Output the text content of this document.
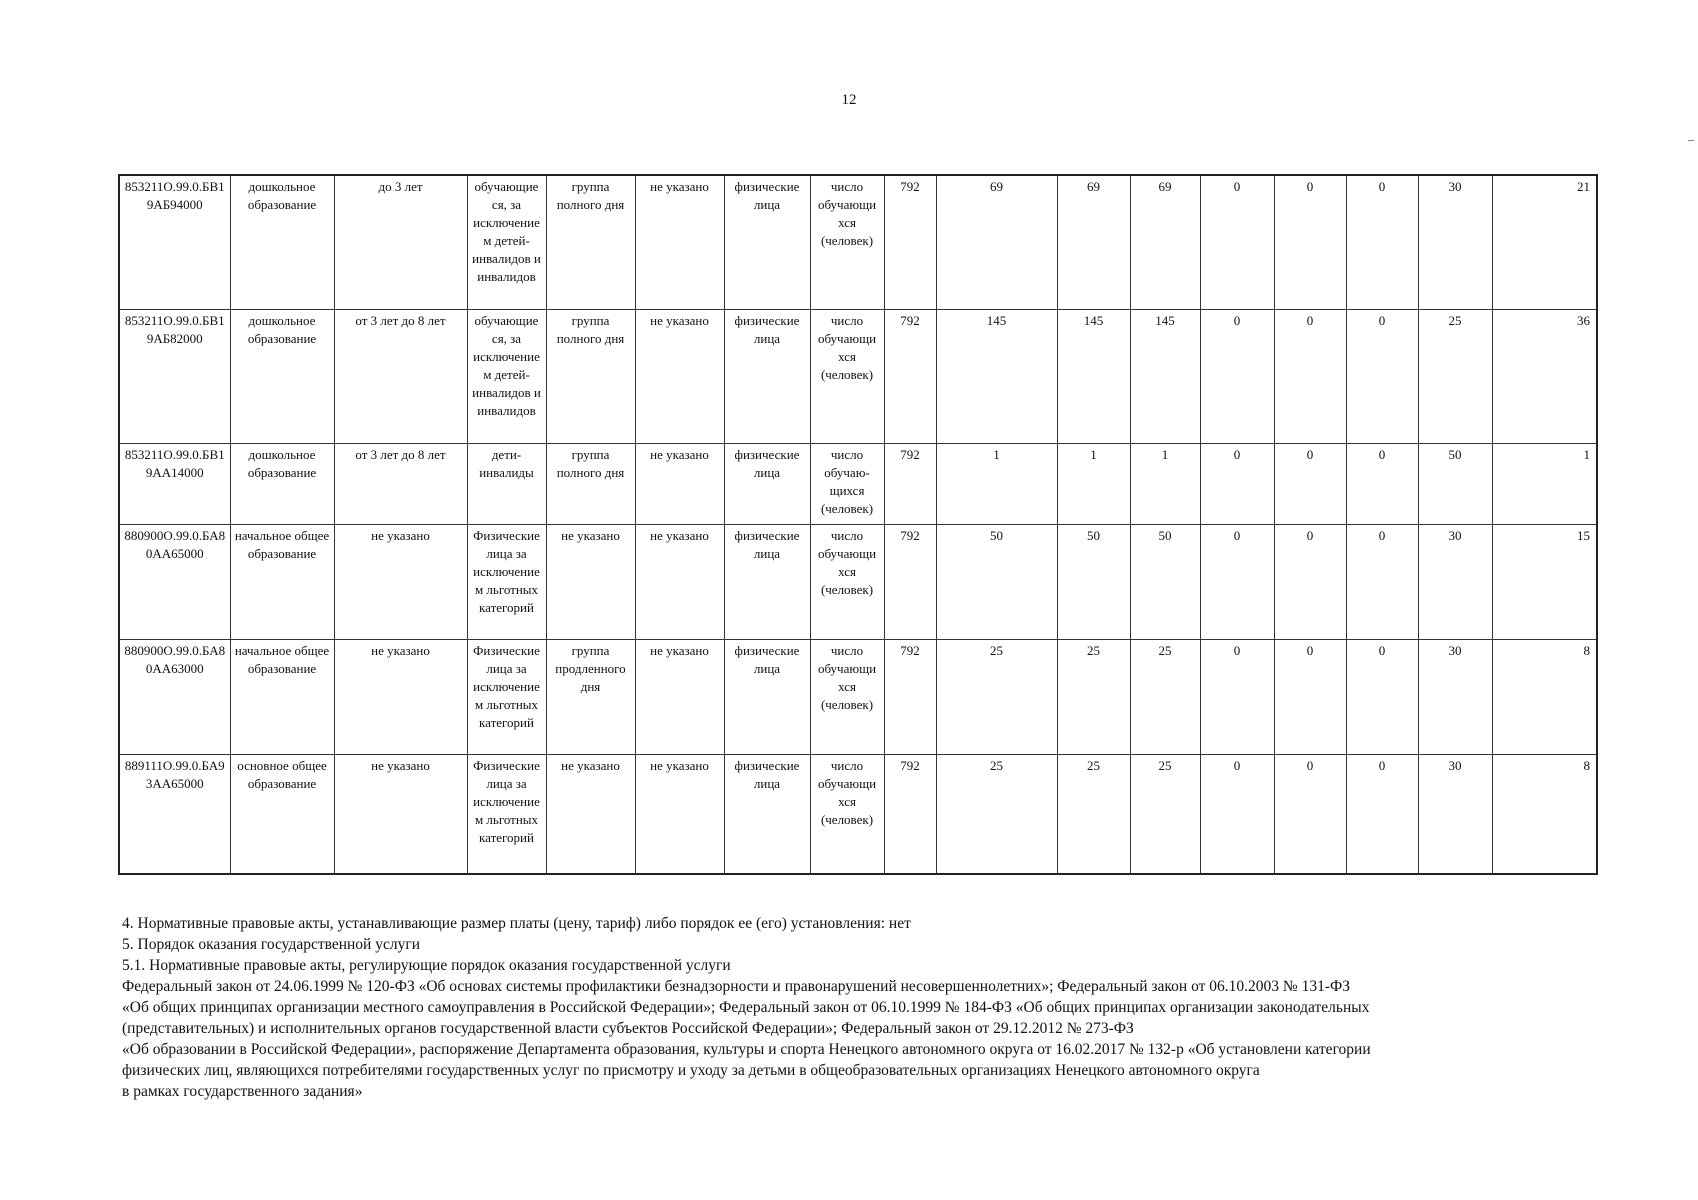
12
853211О.99.0.БВ19АБ94000	дошкольное образование	до 3 лет	обучающие ся, за исключение м детей-инвалидов и инвалидов	группа полного дня	не указано	физические лица	число обучающи хся (человек)	792	69	69	69	0	0	0	30	21
853211О.99.0.БВ19АБ82000	дошкольное образование	от 3 лет до 8 лет	обучающие ся, за исключение м детей-инвалидов и инвалидов	группа полного дня	не указано	физические лица	число обучающи хся (человек)	792	145	145	145	0	0	0	25	36
853211О.99.0.БВ19АА14000	дошкольное образование	от 3 лет до 8 лет	дети-инвалиды	группа полного дня	не указано	физические лица	число обучаю-щихся (человек)	792	1	1	1	0	0	0	50	1
880900О.99.0.БА80АА65000	начальное общее образование	не указано	Физические лица за исключение м льготных категорий	не указано	не указано	физические лица	число обучающи хся (человек)	792	50	50	50	0	0	0	30	15
880900О.99.0.БА80АА63000	начальное общее образование	не указано	Физические лица за исключение м льготных категорий	группа продленного дня	не указано	физические лица	число обучающи хся (человек)	792	25	25	25	0	0	0	30	8
889111О.99.0.БА93АА65000	основное общее образование	не указано	Физические лица за исключение м льготных категорий	не указано	не указано	физические лица	число обучающи хся (человек)	792	25	25	25	0	0	0	30	8

4. Нормативные правовые акты, устанавливающие размер платы (цену, тариф) либо порядок ее (его) установления: нет

5. Порядок оказания государственной услуги

5.1. Нормативные правовые акты, регулирующие порядок оказания государственной услуги

Федеральный закон от 24.06.1999 № 120-ФЗ «Об основах системы профилактики безнадзорности и правонарушений несовершеннолетних»; Федеральный закон от 06.10.2003 № 131-ФЗ

«Об общих принципах организации местного самоуправления в Российской Федерации»; Федеральный закон от 06.10.1999 № 184-ФЗ «Об общих принципах организации законодательных

(представительных) и исполнительных органов государственной власти субъектов Российской Федерации»; Федеральный закон от 29.12.2012 № 273-ФЗ

«Об образовании в Российской Федерации», распоряжение Департамента образования, культуры и спорта Ненецкого автономного округа от 16.02.2017 № 132-р «Об установлени категории

физических лиц, являющихся потребителями государственных услуг по присмотру и уходу за детьми в общеобразовательных организациях Ненецкого автономного округа

в рамках государственного задания»
